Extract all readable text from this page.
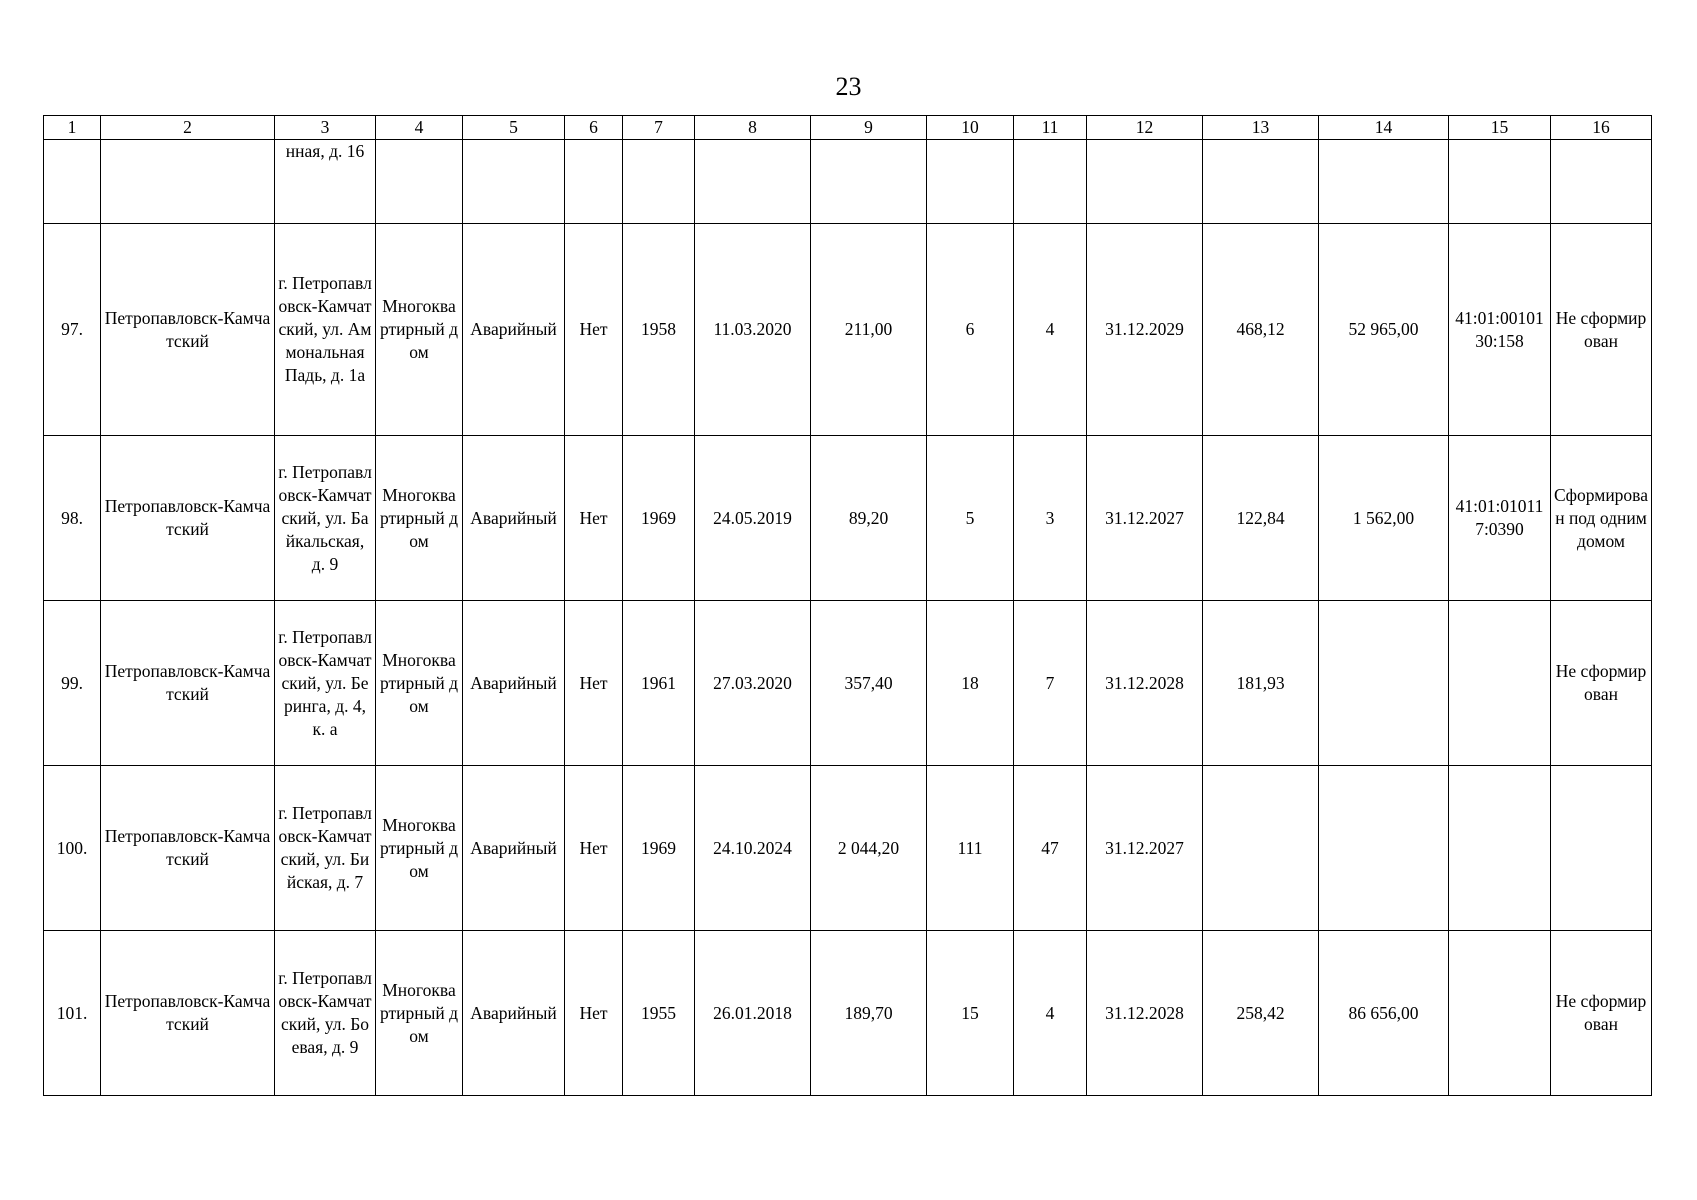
23
1	2	3	4	5	6	7	8	9	10	11	12	13	14	15	16
		нная, д. 16													
97.	Петропавловск-Камчатский	г. Петропавловск-Камчатский, ул. Аммональная Падь, д. 1а	Многоквартирный дом	Аварийный	Нет	1958	11.03.2020	211,00	6	4	31.12.2029	468,12	52 965,00	41:01:0010130:158	Не сформирован
98.	Петропавловск-Камчатский	г. Петропавловск-Камчатский, ул. Байкальская, д. 9	Многоквартирный дом	Аварийный	Нет	1969	24.05.2019	89,20	5	3	31.12.2027	122,84	1 562,00	41:01:010117:0390	Сформирован под одним домом
99.	Петропавловск-Камчатский	г. Петропавловск-Камчатский, ул. Беринга, д. 4, к. а	Многоквартирный дом	Аварийный	Нет	1961	27.03.2020	357,40	18	7	31.12.2028	181,93			Не сформирован
100.	Петропавловск-Камчатский	г. Петропавловск-Камчатский, ул. Бийская, д. 7	Многоквартирный дом	Аварийный	Нет	1969	24.10.2024	2 044,20	111	47	31.12.2027				
101.	Петропавловск-Камчатский	г. Петропавловск-Камчатский, ул. Боевая, д. 9	Многоквартирный дом	Аварийный	Нет	1955	26.01.2018	189,70	15	4	31.12.2028	258,42	86 656,00		Не сформирован
